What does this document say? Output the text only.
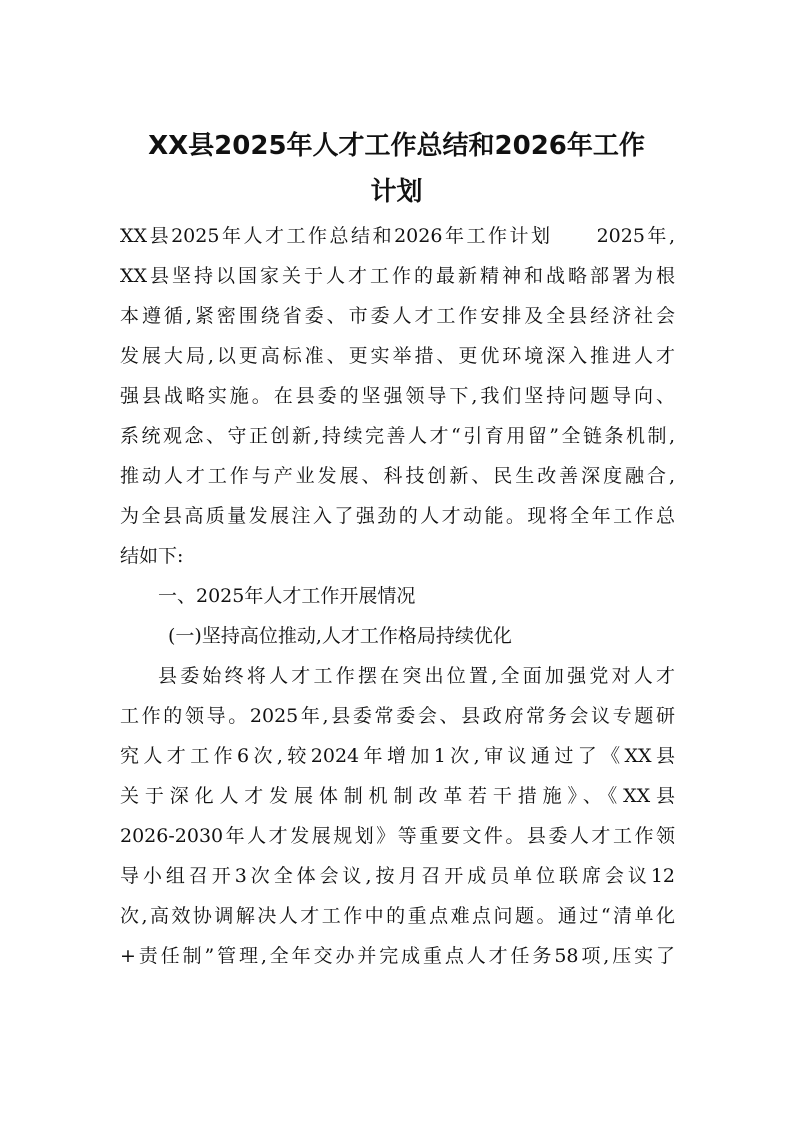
XX县2025年人才工作总结和2026年工作
计划
XX县2025年人才工作总结和2026年工作计划 2025年,
XX县坚持以国家关于人才工作的最新精神和战略部署为根
本遵循,紧密围绕省委、市委人才工作安排及全县经济社会
发展大局,以更高标准、更实举措、更优环境深入推进人才
强县战略实施。在县委的坚强领导下,我们坚持问题导向、
系统观念、守正创新,持续完善人才“引育用留”全链条机制,
推动人才工作与产业发展、科技创新、民生改善深度融合,
为全县高质量发展注入了强劲的人才动能。现将全年工作总
结如下:
一、2025年人才工作开展情况
(一)坚持高位推动,人才工作格局持续优化
县委始终将人才工作摆在突出位置,全面加强党对人才
工作的领导。2025年,县委常委会、县政府常务会议专题研
究人才工作6次,较2024年增加1次,审议通过了《XX县
关于深化人才发展体制机制改革若干措施》、《XX县
2026-2030年人才发展规划》等重要文件。县委人才工作领
导小组召开3次全体会议,按月召开成员单位联席会议12
次,高效协调解决人才工作中的重点难点问题。通过“清单化
+责任制”管理,全年交办并完成重点人才任务58项,压实了
